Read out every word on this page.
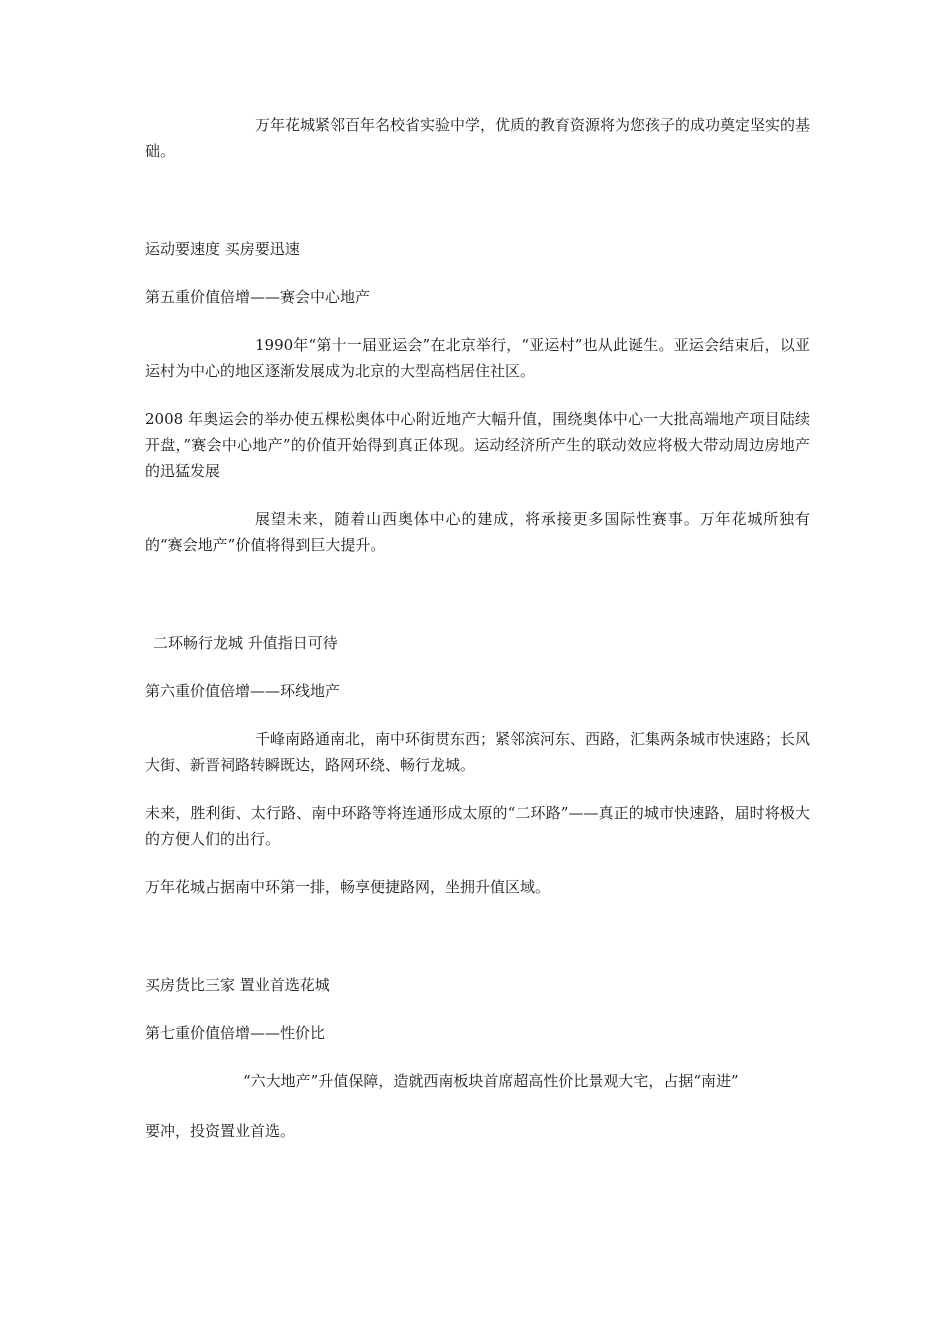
万年花城紧邻百年名校省实验中学，优质的教育资源将为您孩子的成功奠定坚实的基础。

运动要速度 买房要迅速

第五重价值倍增——赛会中心地产

1990年“第十一届亚运会”在北京举行，“亚运村”也从此诞生。亚运会结束后，以亚运村为中心的地区逐渐发展成为北京的大型高档居住社区。

2008 年奥运会的举办使五棵松奥体中心附近地产大幅升值，围绕奥体中心一大批高端地产项目陆续开盘，”赛会中心地产”的价值开始得到真正体现。运动经济所产生的联动效应将极大带动周边房地产的迅猛发展

展望未来，随着山西奥体中心的建成，将承接更多国际性赛事。万年花城所独有的“赛会地产”价值将得到巨大提升。

二环畅行龙城 升值指日可待

第六重价值倍增——环线地产

千峰南路通南北，南中环街贯东西；紧邻滨河东、西路，汇集两条城市快速路；长风大街、新晋祠路转瞬既达，路网环绕、畅行龙城。

未来，胜利街、太行路、南中环路等将连通形成太原的“二环路”——真正的城市快速路，届时将极大的方便人们的出行。

万年花城占据南中环第一排，畅享便捷路网，坐拥升值区域。

买房货比三家 置业首选花城

第七重价值倍增——性价比

“六大地产”升值保障，造就西南板块首席超高性价比景观大宅，占据“南进”

要冲，投资置业首选。
